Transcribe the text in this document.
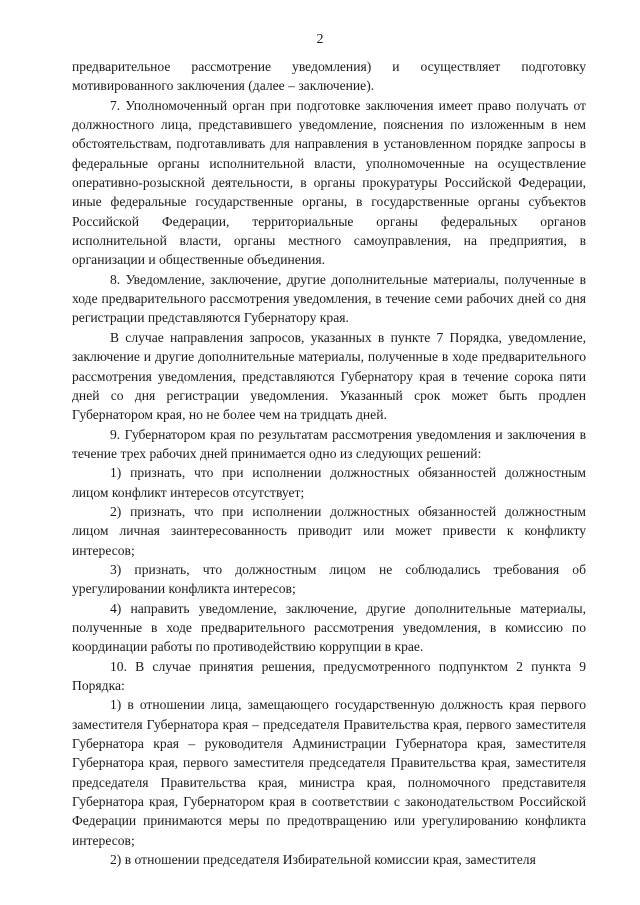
2

предварительное рассмотрение уведомления) и осуществляет подготовку мотивированного заключения (далее – заключение).

7. Уполномоченный орган при подготовке заключения имеет право получать от должностного лица, представившего уведомление, пояснения по изложенным в нем обстоятельствам, подготавливать для направления в установленном порядке запросы в федеральные органы исполнительной власти, уполномоченные на осуществление оперативно-розыскной деятельности, в органы прокуратуры Российской Федерации, иные федеральные государственные органы, в государственные органы субъектов Российской Федерации, территориальные органы федеральных органов исполнительной власти, органы местного самоуправления, на предприятия, в организации и общественные объединения.

8. Уведомление, заключение, другие дополнительные материалы, полученные в ходе предварительного рассмотрения уведомления, в течение семи рабочих дней со дня регистрации представляются Губернатору края.

В случае направления запросов, указанных в пункте 7 Порядка, уведомление, заключение и другие дополнительные материалы, полученные в ходе предварительного рассмотрения уведомления, представляются Губернатору края в течение сорока пяти дней со дня регистрации уведомления. Указанный срок может быть продлен Губернатором края, но не более чем на тридцать дней.

9. Губернатором края по результатам рассмотрения уведомления и заключения в течение трех рабочих дней принимается одно из следующих решений:

1) признать, что при исполнении должностных обязанностей должностным лицом конфликт интересов отсутствует;

2) признать, что при исполнении должностных обязанностей должностным лицом личная заинтересованность приводит или может привести к конфликту интересов;

3) признать, что должностным лицом не соблюдались требования об урегулировании конфликта интересов;

4) направить уведомление, заключение, другие дополнительные материалы, полученные в ходе предварительного рассмотрения уведомления, в комиссию по координации работы по противодействию коррупции в крае.

10. В случае принятия решения, предусмотренного подпунктом 2 пункта 9 Порядка:

1) в отношении лица, замещающего государственную должность края первого заместителя Губернатора края – председателя Правительства края, первого заместителя Губернатора края – руководителя Администрации Губернатора края, заместителя Губернатора края, первого заместителя председателя Правительства края, заместителя председателя Правительства края, министра края, полномочного представителя Губернатора края, Губернатором края в соответствии с законодательством Российской Федерации принимаются меры по предотвращению или урегулированию конфликта интересов;

2) в отношении председателя Избирательной комиссии края, заместителя
